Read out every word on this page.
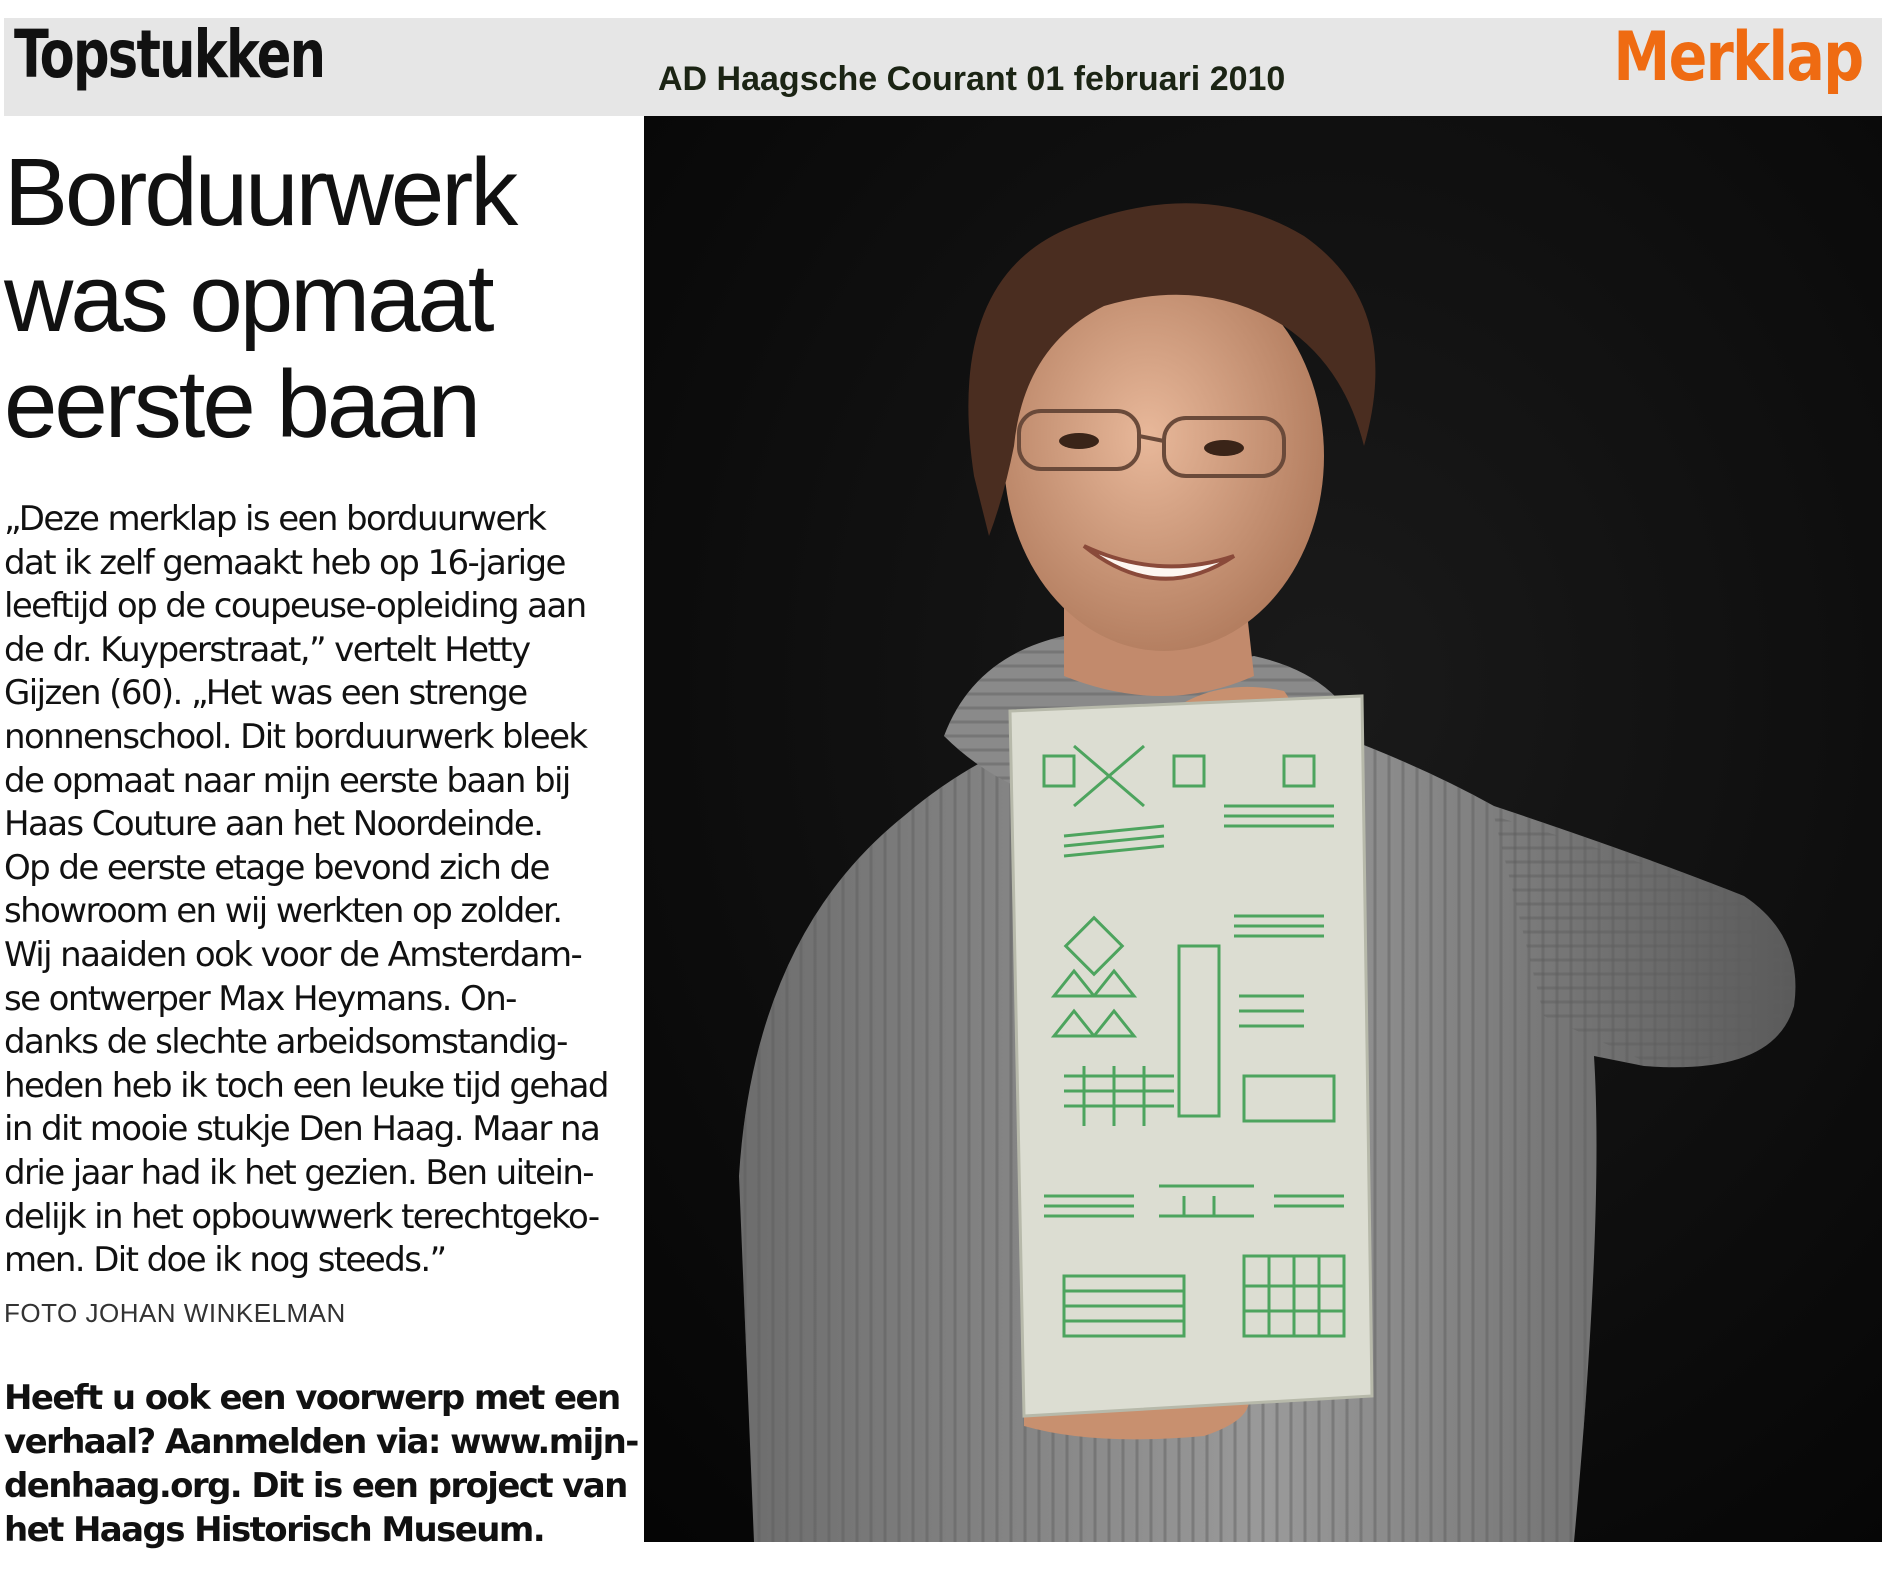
Topstukken	AD Haagsche Courant 01 februari 2010	Merklap
Borduurwerk
was opmaat
eerste baan
„Deze merklap is een borduurwerk
dat ik zelf gemaakt heb op 16-jarige
leeftijd op de coupeuse-opleiding aan
de dr. Kuyperstraat,” vertelt Hetty
Gijzen (60). „Het was een strenge
nonnenschool. Dit borduurwerk bleek
de opmaat naar mijn eerste baan bij
Haas Couture aan het Noordeinde.
Op de eerste etage bevond zich de
showroom en wij werkten op zolder.
Wij naaiden ook voor de Amsterdam-
se ontwerper Max Heymans. On-
danks de slechte arbeidsomstandig-
heden heb ik toch een leuke tijd gehad
in dit mooie stukje Den Haag. Maar na
drie jaar had ik het gezien. Ben uitein-
delijk in het opbouwwerk terechtgeko-
men. Dit doe ik nog steeds.”
FOTO JOHAN WINKELMAN
Heeft u ook een voorwerp met een
verhaal? Aanmelden via: www.mijn-
denhaag.org. Dit is een project van
het Haags Historisch Museum.
